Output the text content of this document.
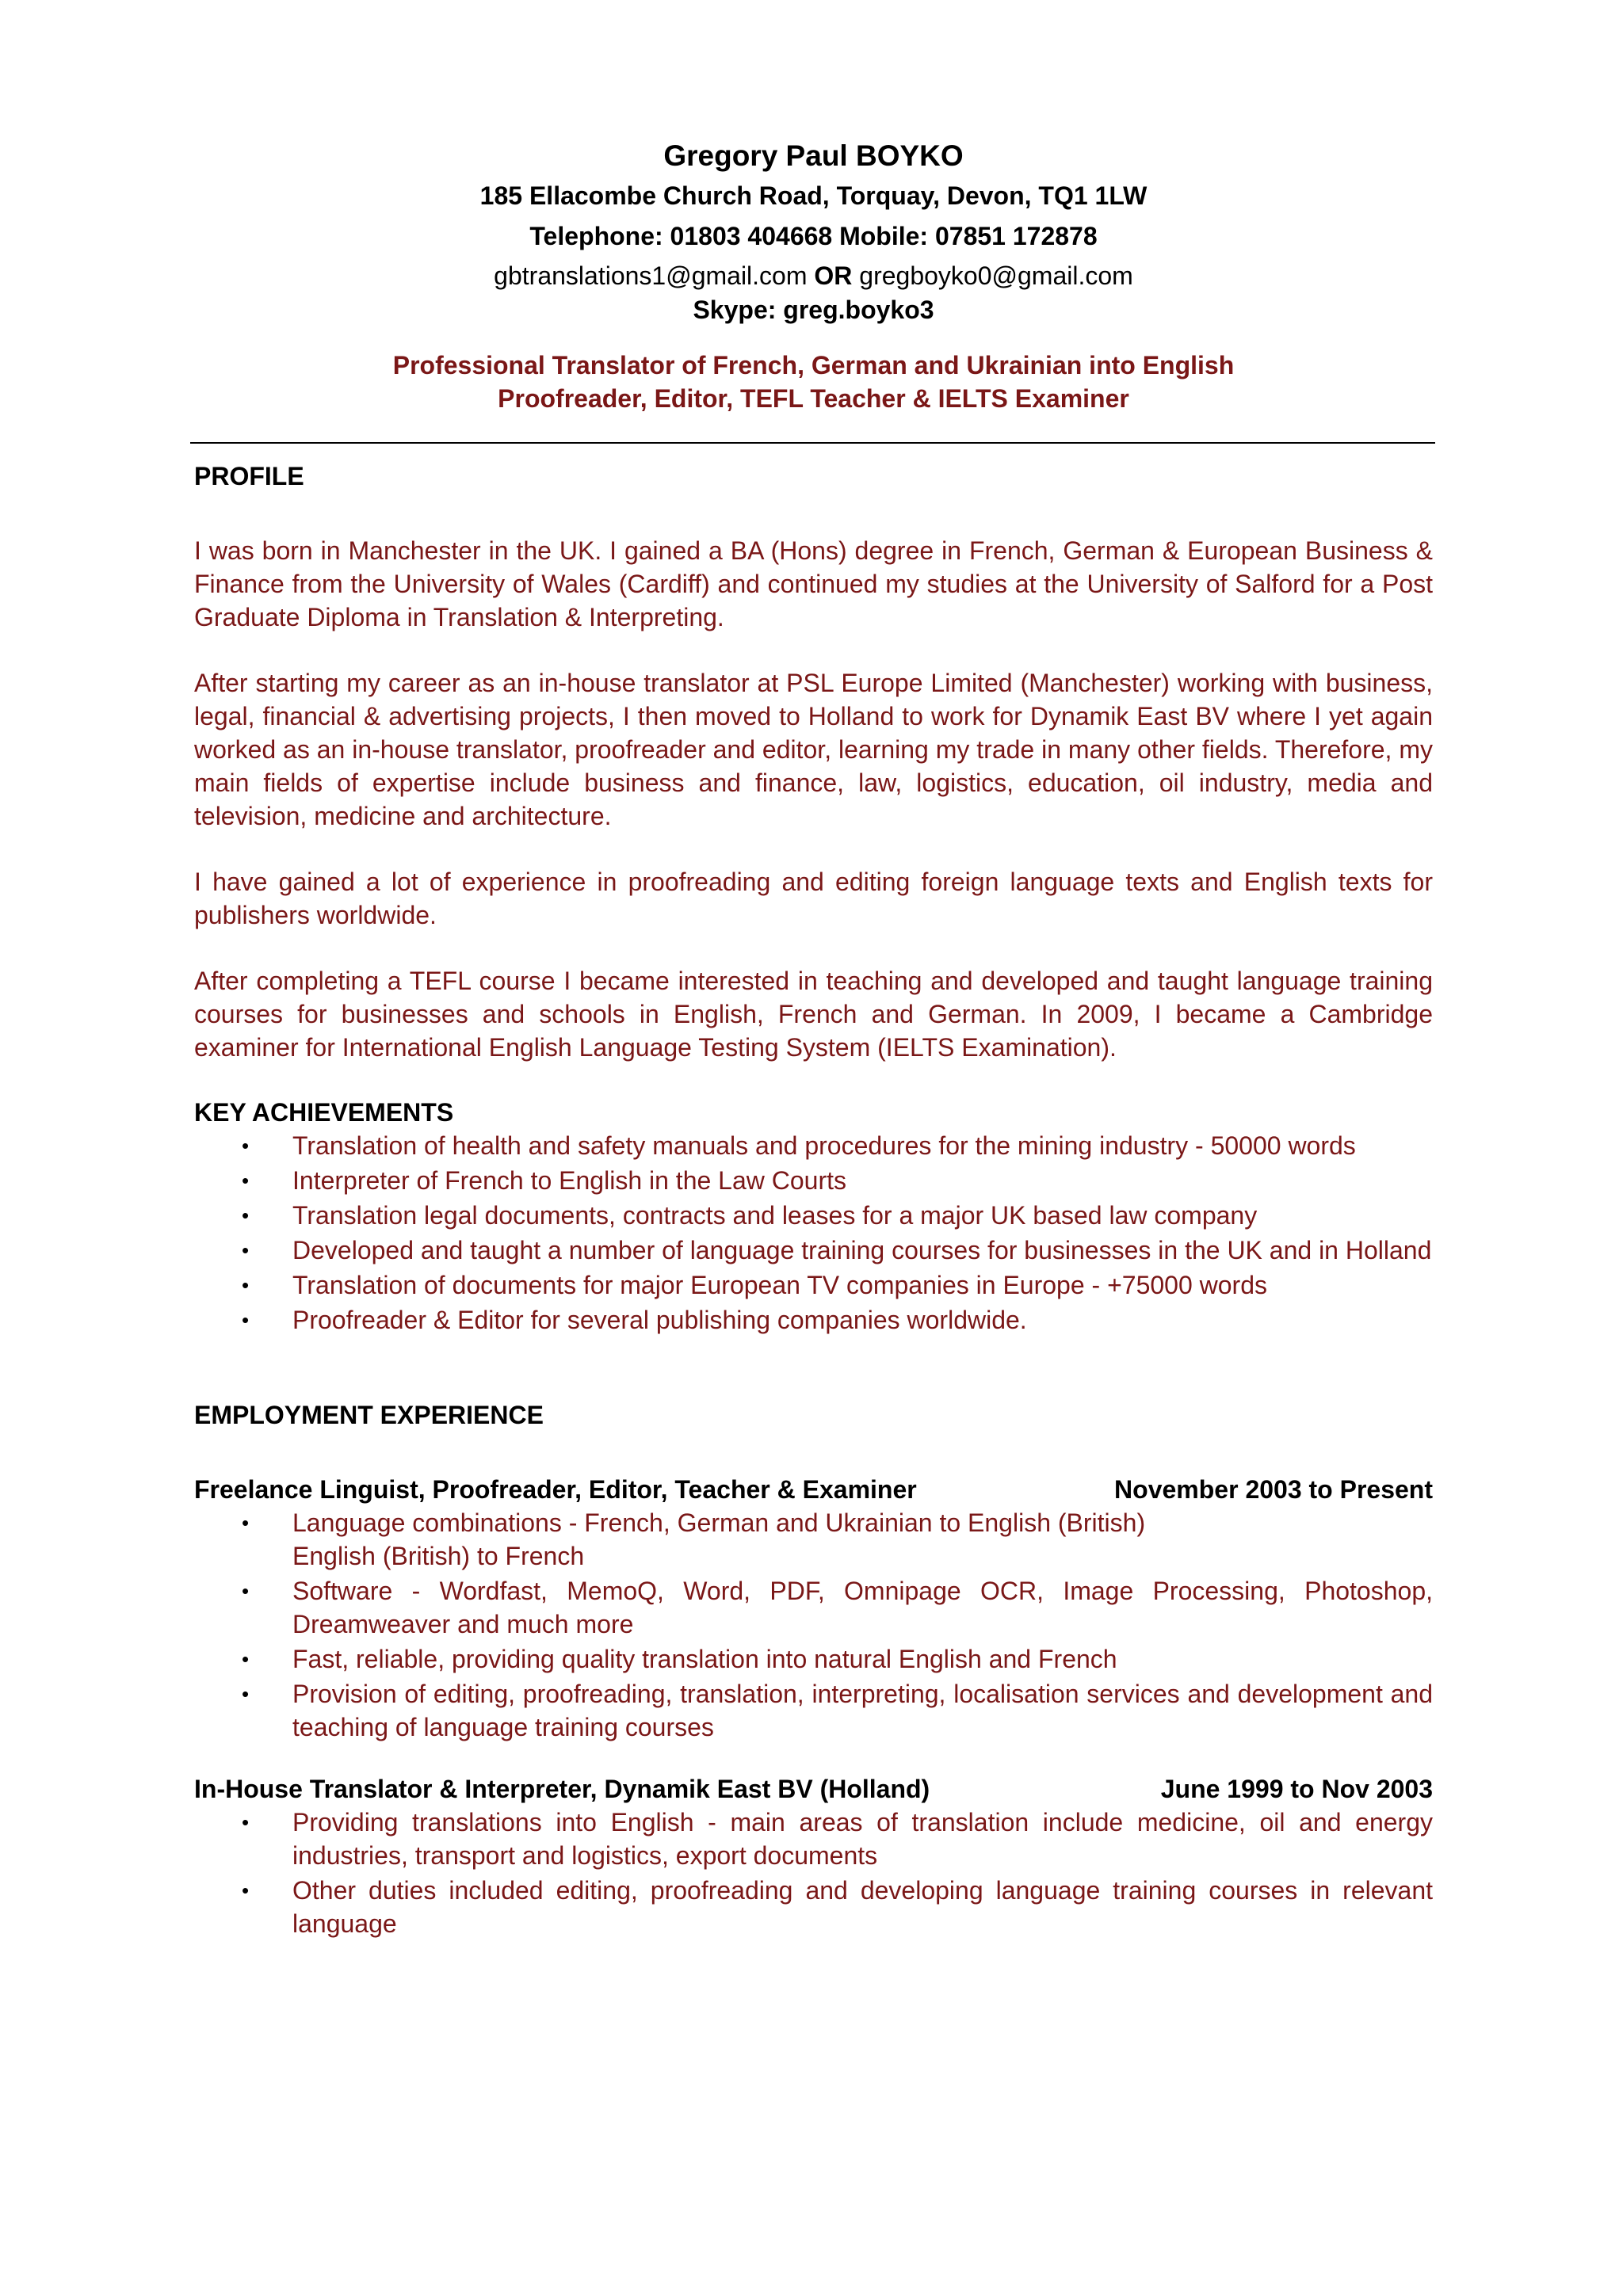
Gregory Paul BOYKO
185 Ellacombe Church Road, Torquay, Devon, TQ1 1LW
Telephone: 01803 404668 Mobile: 07851 172878
gbtranslations1@gmail.com OR gregboyko0@gmail.com
Skype: greg.boyko3
Professional Translator of French, German and Ukrainian into English
Proofreader, Editor, TEFL Teacher & IELTS Examiner
PROFILE

I was born in Manchester in the UK. I gained a BA (Hons) degree in French, German & European Business & Finance from the University of Wales (Cardiff) and continued my studies at the University of Salford for a Post Graduate Diploma in Translation & Interpreting.

After starting my career as an in-house translator at PSL Europe Limited (Manchester) working with business, legal, financial & advertising projects, I then moved to Holland to work for Dynamik East BV where I yet again worked as an in-house translator, proofreader and editor, learning my trade in many other fields. Therefore, my main fields of expertise include business and finance, law, logistics, education, oil industry, media and television, medicine and architecture.

I have gained a lot of experience in proofreading and editing foreign language texts and English texts for publishers worldwide.

After completing a TEFL course I became interested in teaching and developed and taught language training courses for businesses and schools in English, French and German. In 2009, I became a Cambridge examiner for International English Language Testing System (IELTS Examination).

KEY ACHIEVEMENTS
• Translation of health and safety manuals and procedures for the mining industry - 50000 words
• Interpreter of French to English in the Law Courts
• Translation legal documents, contracts and leases for a major UK based law company
• Developed and taught a number of language training courses for businesses in the UK and in Holland
• Translation of documents for major European TV companies in Europe - +75000 words
• Proofreader & Editor for several publishing companies worldwide.
EMPLOYMENT EXPERIENCE
Freelance Linguist, Proofreader, Editor, Teacher & Examiner	November 2003 to Present
• Language combinations - French, German and Ukrainian to English (British)
English (British) to French
• Software - Wordfast, MemoQ, Word, PDF, Omnipage OCR, Image Processing, Photoshop, Dreamweaver and much more
• Fast, reliable, providing quality translation into natural English and French
• Provision of editing, proofreading, translation, interpreting, localisation services and development and teaching of language training courses
In-House Translator & Interpreter, Dynamik East BV (Holland)	June 1999 to Nov 2003
• Providing translations into English - main areas of translation include medicine, oil and energy industries, transport and logistics, export documents
• Other duties included editing, proofreading and developing language training courses in relevant language
